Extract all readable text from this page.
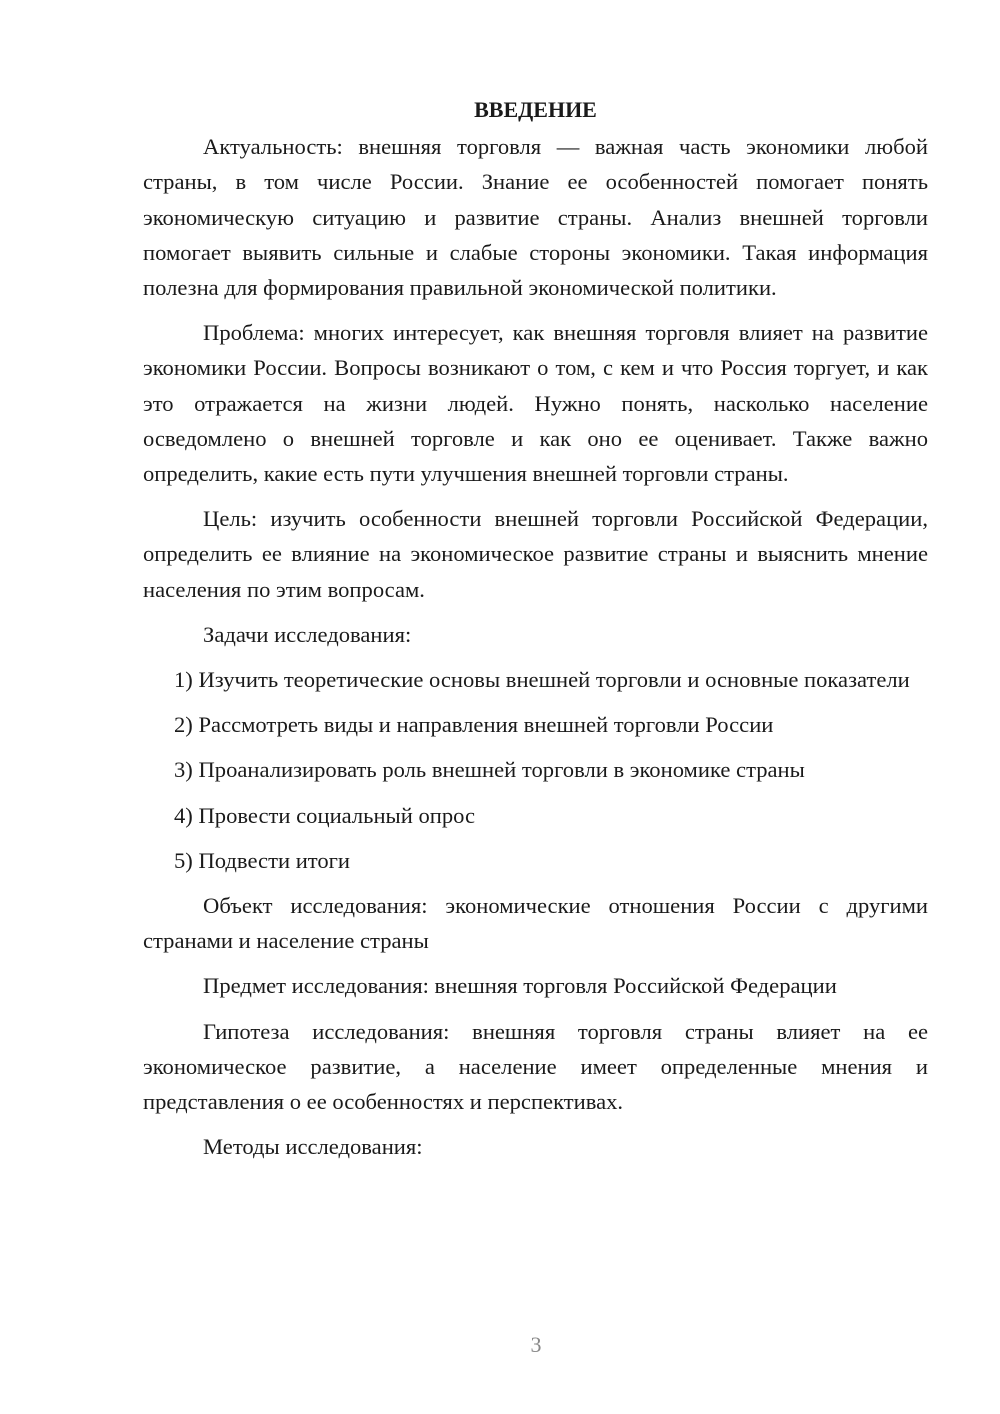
ВВЕДЕНИЕ

Актуальность: внешняя торговля — важная часть экономики любой страны, в том числе России. Знание ее особенностей помогает понять экономическую ситуацию и развитие страны. Анализ внешней торговли помогает выявить сильные и слабые стороны экономики. Такая информация полезна для формирования правильной экономической политики.

Проблема: многих интересует, как внешняя торговля влияет на развитие экономики России. Вопросы возникают о том, с кем и что Россия торгует, и как это отражается на жизни людей. Нужно понять, насколько население осведомлено о внешней торговле и как оно ее оценивает. Также важно определить, какие есть пути улучшения внешней торговли страны.

Цель: изучить особенности внешней торговли Российской Федерации, определить ее влияние на экономическое развитие страны и выяснить мнение населения по этим вопросам.

Задачи исследования:

1) Изучить теоретические основы внешней торговли и основные показатели

2) Рассмотреть виды и направления внешней торговли России

3) Проанализировать роль внешней торговли в экономике страны

4) Провести социальный опрос

5) Подвести итоги

Объект исследования: экономические отношения России с другими странами и население страны

Предмет исследования: внешняя торговля Российской Федерации

Гипотеза исследования: внешняя торговля страны влияет на ее экономическое развитие, а население имеет определенные мнения и представления о ее особенностях и перспективах.

Методы исследования:

3
